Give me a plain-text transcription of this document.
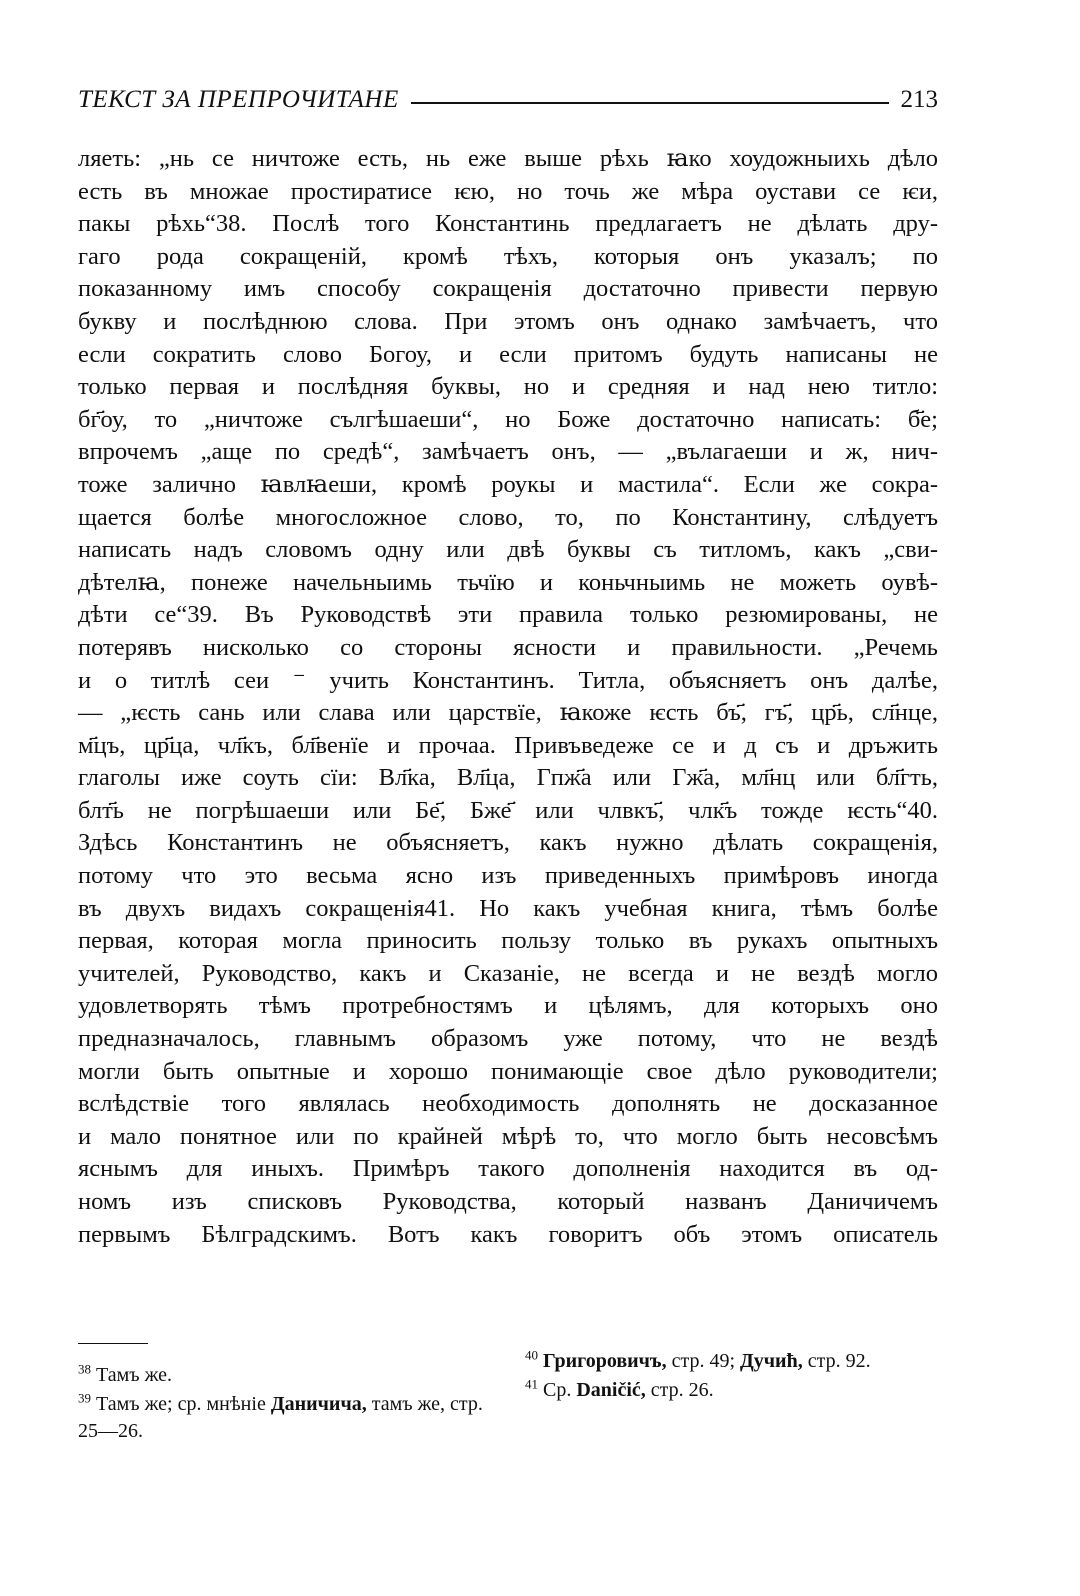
ТЕКСТ ЗА ПРЕПРОЧИТАНЕ	213
ляеть: „нь се ничтоже есть, нь еже выше рѣхь ꙗко хоудожныихь дѣло
есть въ множае простиратисе ѥю, но точь же мѣра оустави се ѥи,
пакы рѣхь“38. Послѣ того Константинь предлагаетъ не дѣлать дру-
гаго рода сокращенiй, кромѣ тѣхъ, которыя онъ указалъ; по
показанному имъ способу сокращенiя достаточно привести первую
букву и послѣднюю слова. При этомъ онъ однако замѣчаетъ, что
если сократить слово Богоу, и если притомъ будуть написаны не
только первая и послѣдняя буквы, но и средняя и над нею титло:
бг҃оу, то „ничтоже сългѣшаеши“, но Боже достаточно написать: б҃е;
впрочемъ „аще по средѣ“, замѣчаетъ онъ, — „вълагаеши и ж, нич-
тоже залично ꙗвлꙗеши, кромѣ роукы и мастила“. Если же сокра-
щается болѣе многосложное слово, то, по Константину, слѣдуетъ
написать надъ словомъ одну или двѣ буквы съ титломъ, какъ „сви-
дѣтелꙗ, понеже начельныимь тьчïю и коньчныимь не можеть оувѣ-
дѣти се“39. Въ Руководствѣ эти правила только резюмированы, не
потерявъ нисколько со стороны ясности и правильности. „Речемь
и о титлѣ сеи ⁻ учить Константинъ. Титла, объясняетъ онъ далѣе,
— „ѥсть сань или слава или царствïе, ꙗкоже ѥсть бъ҃, гъ҃, цр҃ь, сл҃нце,
м҃цъ, цр҃ца, чл҃къ, бл҃венïе и прочаа. Привъведеже се и д съ и дръжить
глаголы иже соуть сïи: Вл҃ка, Вл҃ца, Гпж҃а или Гж҃а, мл҃нц или бл҃гть,
блт҃ь не погрѣшаеши или Бе҃, Бже҃ или члвкъ҃, члк҃ъ тожде ѥсть“40.
Здѣсь Константинъ не объясняетъ, какъ нужно дѣлать сокращенiя,
потому что это весьма ясно изъ приведенныхъ примѣровъ иногда
въ двухъ видахъ сокращенiя41. Но какъ учебная книга, тѣмъ болѣе
первая, которая могла приносить пользу только въ рукахъ опытныхъ
учителей, Руководство, какъ и Сказанiе, не всегда и не вездѣ могло
удовлетворять тѣмъ протребностямъ и цѣлямъ, для которыхъ оно
предназначалось, главнымъ образомъ уже потому, что не вездѣ
могли быть опытные и хорошо понимающiе свое дѣло руководители;
вслѣдствiе того являлась необходимость дополнять не досказанное
и мало понятное или по крайней мѣрѣ то, что могло быть несовсѣмъ
яснымъ для иныхъ. Примѣръ такого дополненiя находится въ од-
номъ изъ списковъ Руководства, который названъ Даничичемъ
первымъ Бѣлградскимъ. Вотъ какъ говоритъ объ этомъ описатель

$^{38}$ Тамъ же.

$^{39}$ Тамъ же; ср. мнѣнiе Даничича, тамъ же, стр. 25—26.

$^{40}$ Григоровичъ, стр. 49; Дучић, стр. 92.

$^{41}$ Ср. Daničić, стр. 26.
